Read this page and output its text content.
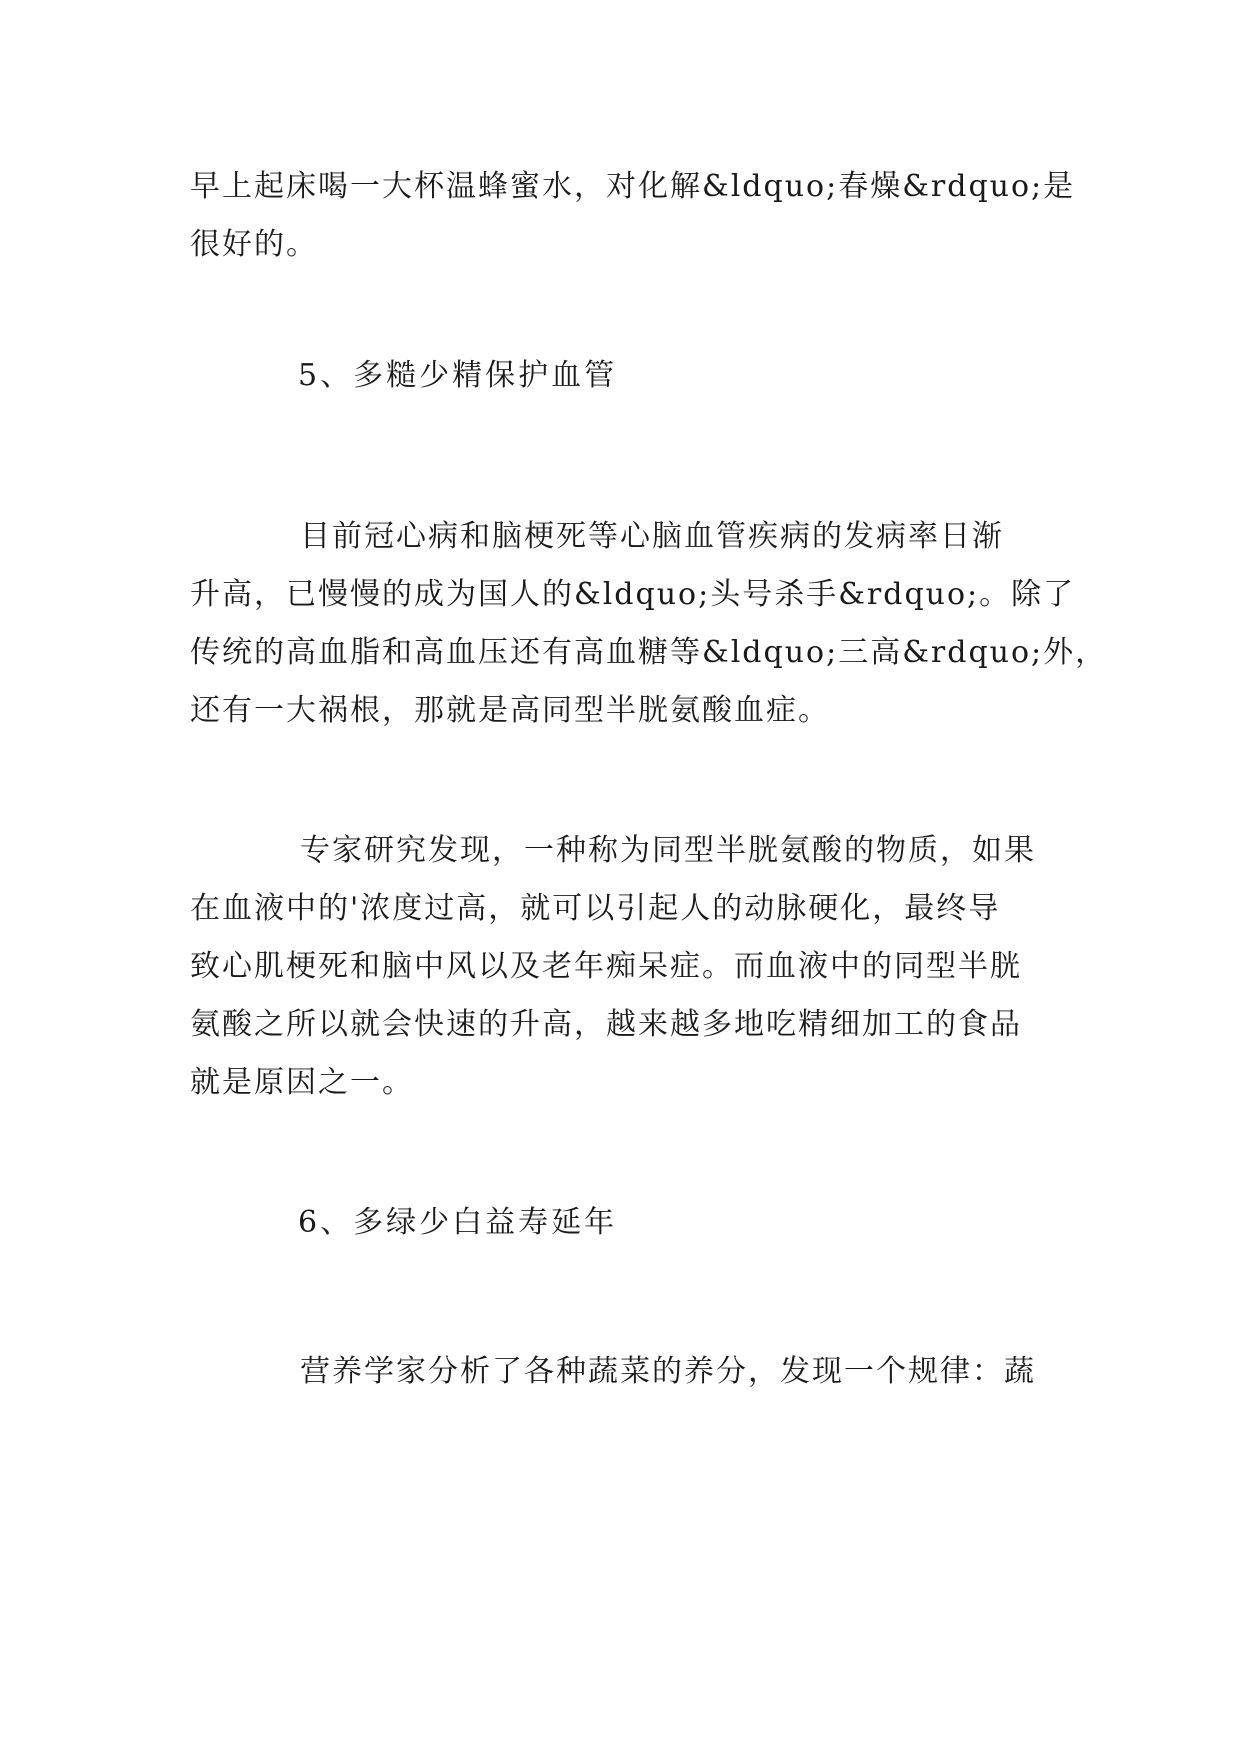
早上起床喝一大杯温蜂蜜水，对化解&ldquo;春燥&rdquo;是
很好的。

5、多糙少精保护血管

目前冠心病和脑梗死等心脑血管疾病的发病率日渐
升高，已慢慢的成为国人的&ldquo;头号杀手&rdquo;。除了
传统的高血脂和高血压还有高血糖等&ldquo;三高&rdquo;外，
还有一大祸根，那就是高同型半胱氨酸血症。

专家研究发现，一种称为同型半胱氨酸的物质，如果
在血液中的'浓度过高，就可以引起人的动脉硬化，最终导
致心肌梗死和脑中风以及老年痴呆症。而血液中的同型半胱
氨酸之所以就会快速的升高，越来越多地吃精细加工的食品
就是原因之一。

6、多绿少白益寿延年

营养学家分析了各种蔬菜的养分，发现一个规律：蔬
